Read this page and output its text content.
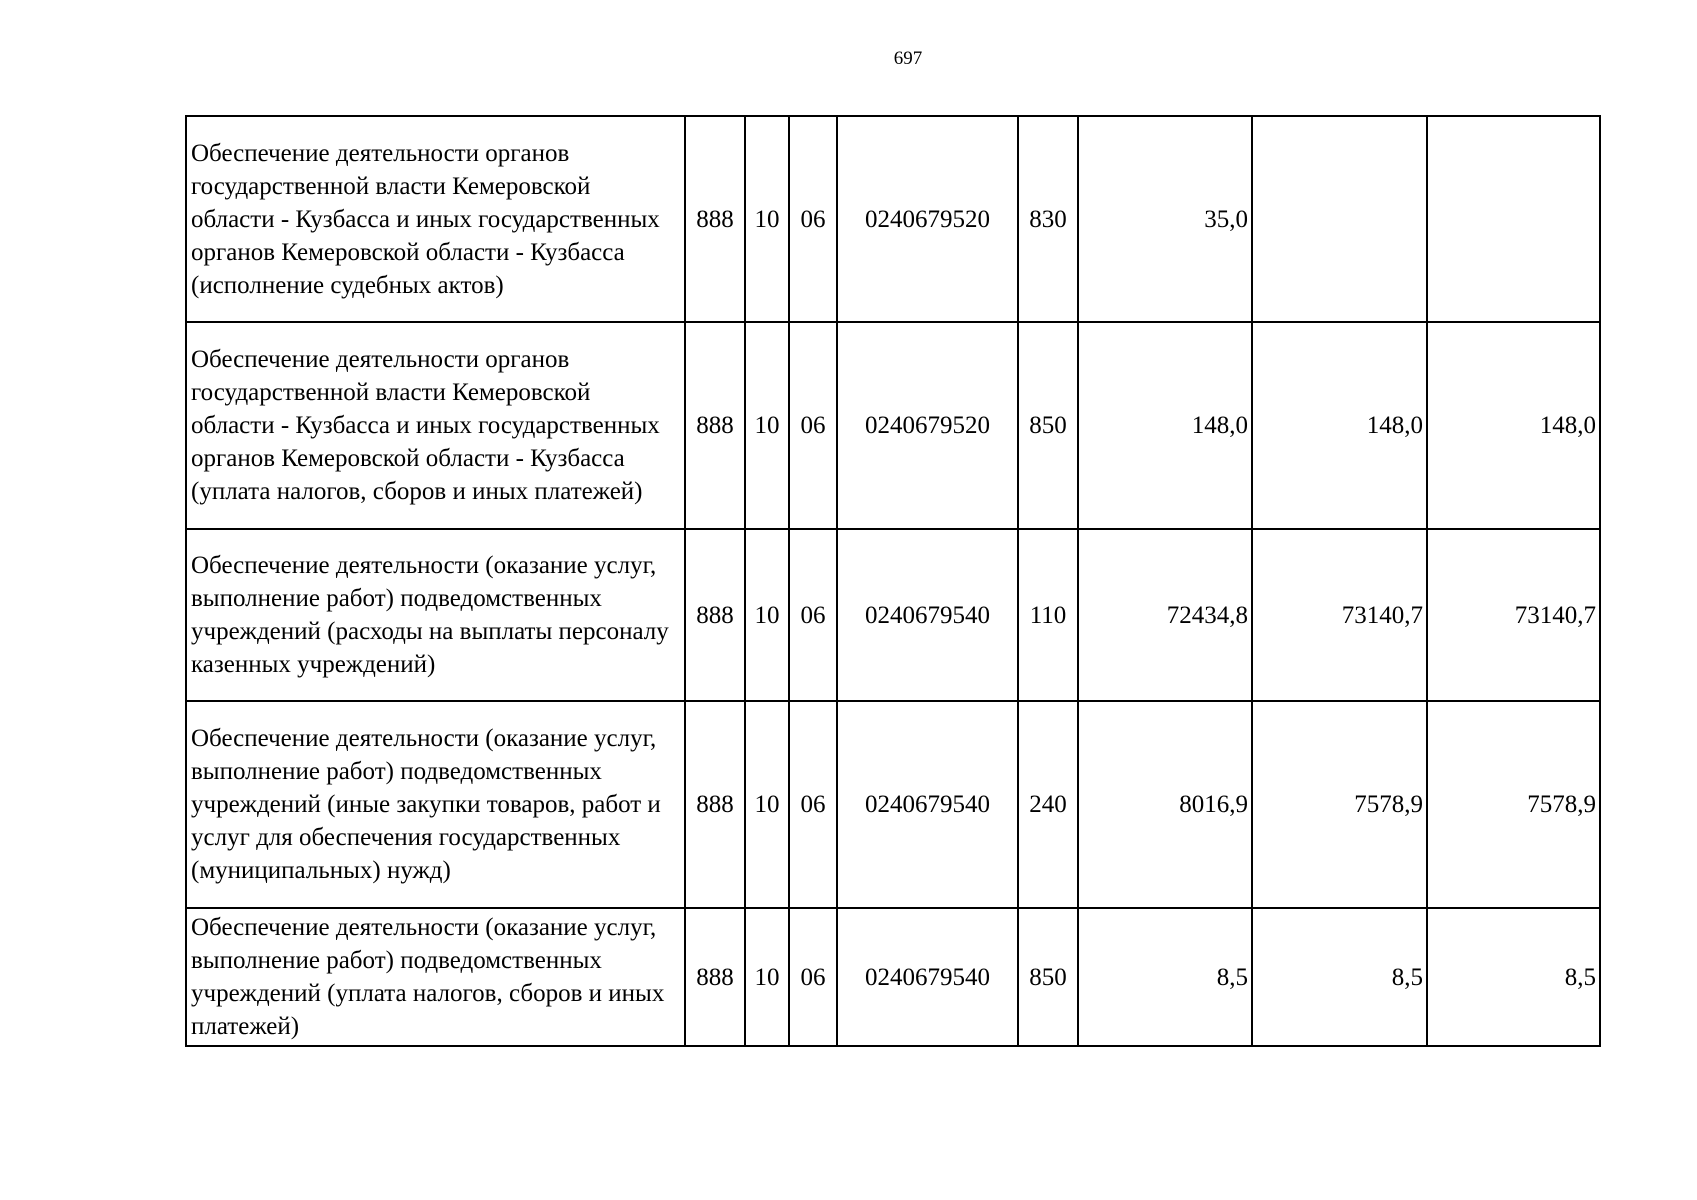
697
Обеспечение деятельности органов государственной власти Кемеровской области - Кузбасса и иных государственных органов Кемеровской области - Кузбасса (исполнение судебных актов)	888	10	06	0240679520	830	35,0		
Обеспечение деятельности органов государственной власти Кемеровской области - Кузбасса и иных государственных органов Кемеровской области - Кузбасса (уплата налогов, сборов и иных платежей)	888	10	06	0240679520	850	148,0	148,0	148,0
Обеспечение деятельности (оказание услуг, выполнение работ) подведомственных учреждений (расходы на выплаты персоналу казенных учреждений)	888	10	06	0240679540	110	72434,8	73140,7	73140,7
Обеспечение деятельности (оказание услуг, выполнение работ) подведомственных учреждений (иные закупки товаров, работ и услуг для обеспечения государственных (муниципальных) нужд)	888	10	06	0240679540	240	8016,9	7578,9	7578,9
Обеспечение деятельности (оказание услуг, выполнение работ) подведомственных учреждений (уплата налогов, сборов и иных платежей)	888	10	06	0240679540	850	8,5	8,5	8,5
